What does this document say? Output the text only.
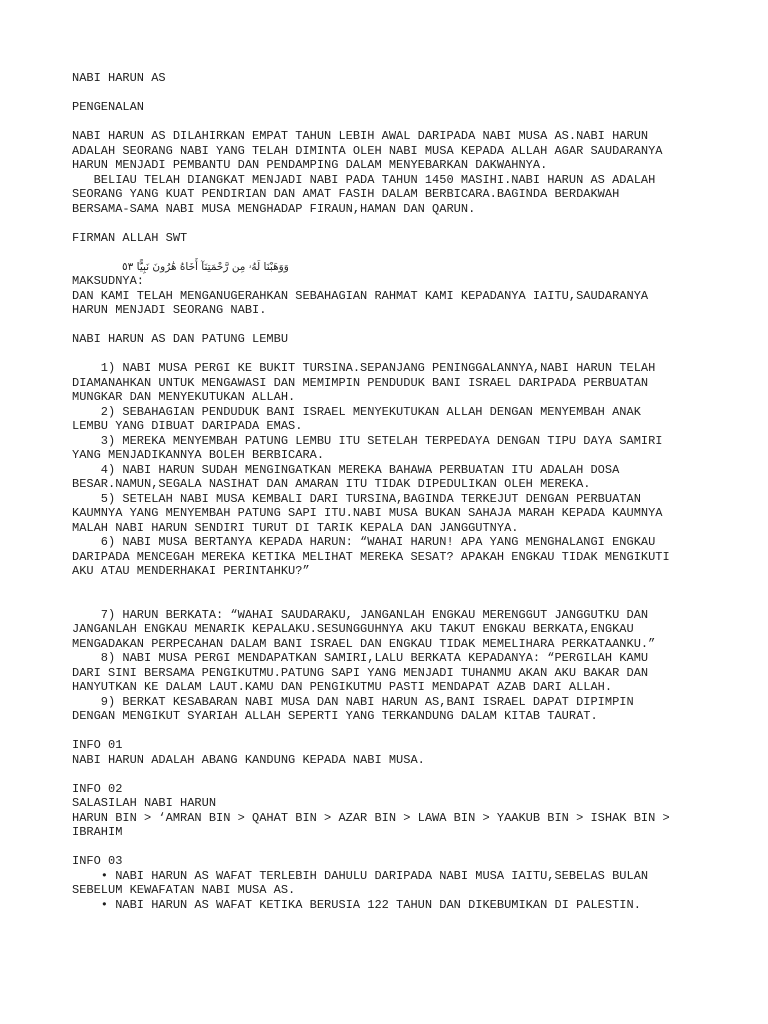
NABI HARUN AS
PENGENALAN
NABI HARUN AS DILAHIRKAN EMPAT TAHUN LEBIH AWAL DARIPADA NABI MUSA AS.NABI HARUN
ADALAH SEORANG NABI YANG TELAH DIMINTA OLEH NABI MUSA KEPADA ALLAH AGAR SAUDARANYA
HARUN MENJADI PEMBANTU DAN PENDAMPING DALAM MENYEBARKAN DAKWAHNYA.
BELIAU TELAH DIANGKAT MENJADI NABI PADA TAHUN 1450 MASIHI.NABI HARUN AS ADALAH
SEORANG YANG KUAT PENDIRIAN DAN AMAT FASIH DALAM BERBICARA.BAGINDA BERDAKWAH
BERSAMA-SAMA NABI MUSA MENGHADAP FIRAUN,HAMAN DAN QARUN.
FIRMAN ALLAH SWT
وَوَهَبْنَا لَهُۥ مِن رَّحْمَتِنَآ أَخَاهُ هَٰرُونَ نَبِيًّا ٥٣
MAKSUDNYA:
DAN KAMI TELAH MENGANUGERAHKAN SEBAHAGIAN RAHMAT KAMI KEPADANYA IAITU,SAUDARANYA
HARUN MENJADI SEORANG NABI.
NABI HARUN AS DAN PATUNG LEMBU
1) NABI MUSA PERGI KE BUKIT TURSINA.SEPANJANG PENINGGALANNYA,NABI HARUN TELAH
DIAMANAHKAN UNTUK MENGAWASI DAN MEMIMPIN PENDUDUK BANI ISRAEL DARIPADA PERBUATAN
MUNGKAR DAN MENYEKUTUKAN ALLAH.
2) SEBAHAGIAN PENDUDUK BANI ISRAEL MENYEKUTUKAN ALLAH DENGAN MENYEMBAH ANAK
LEMBU YANG DIBUAT DARIPADA EMAS.
3) MEREKA MENYEMBAH PATUNG LEMBU ITU SETELAH TERPEDAYA DENGAN TIPU DAYA SAMIRI
YANG MENJADIKANNYA BOLEH BERBICARA.
4) NABI HARUN SUDAH MENGINGATKAN MEREKA BAHAWA PERBUATAN ITU ADALAH DOSA
BESAR.NAMUN,SEGALA NASIHAT DAN AMARAN ITU TIDAK DIPEDULIKAN OLEH MEREKA.
5) SETELAH NABI MUSA KEMBALI DARI TURSINA,BAGINDA TERKEJUT DENGAN PERBUATAN
KAUMNYA YANG MENYEMBAH PATUNG SAPI ITU.NABI MUSA BUKAN SAHAJA MARAH KEPADA KAUMNYA
MALAH NABI HARUN SENDIRI TURUT DI TARIK KEPALA DAN JANGGUTNYA.
6) NABI MUSA BERTANYA KEPADA HARUN: “WAHAI HARUN! APA YANG MENGHALANGI ENGKAU
DARIPADA MENCEGAH MEREKA KETIKA MELIHAT MEREKA SESAT? APAKAH ENGKAU TIDAK MENGIKUTI
AKU ATAU MENDERHAKAI PERINTAHKU?”
7) HARUN BERKATA: “WAHAI SAUDARAKU, JANGANLAH ENGKAU MERENGGUT JANGGUTKU DAN
JANGANLAH ENGKAU MENARIK KEPALAKU.SESUNGGUHNYA AKU TAKUT ENGKAU BERKATA,ENGKAU
MENGADAKAN PERPECAHAN DALAM BANI ISRAEL DAN ENGKAU TIDAK MEMELIHARA PERKATAANKU.”
8) NABI MUSA PERGI MENDAPATKAN SAMIRI,LALU BERKATA KEPADANYA: “PERGILAH KAMU
DARI SINI BERSAMA PENGIKUTMU.PATUNG SAPI YANG MENJADI TUHANMU AKAN AKU BAKAR DAN
HANYUTKAN KE DALAM LAUT.KAMU DAN PENGIKUTMU PASTI MENDAPAT AZAB DARI ALLAH.
9) BERKAT KESABARAN NABI MUSA DAN NABI HARUN AS,BANI ISRAEL DAPAT DIPIMPIN
DENGAN MENGIKUT SYARIAH ALLAH SEPERTI YANG TERKANDUNG DALAM KITAB TAURAT.
INFO 01
NABI HARUN ADALAH ABANG KANDUNG KEPADA NABI MUSA.
INFO 02
SALASILAH NABI HARUN
HARUN BIN > ‘AMRAN BIN > QAHAT BIN > AZAR BIN > LAWA BIN > YAAKUB BIN > ISHAK BIN >
IBRAHIM
INFO 03
• NABI HARUN AS WAFAT TERLEBIH DAHULU DARIPADA NABI MUSA IAITU,SEBELAS BULAN
SEBELUM KEWAFATAN NABI MUSA AS.
• NABI HARUN AS WAFAT KETIKA BERUSIA 122 TAHUN DAN DIKEBUMIKAN DI PALESTIN.
